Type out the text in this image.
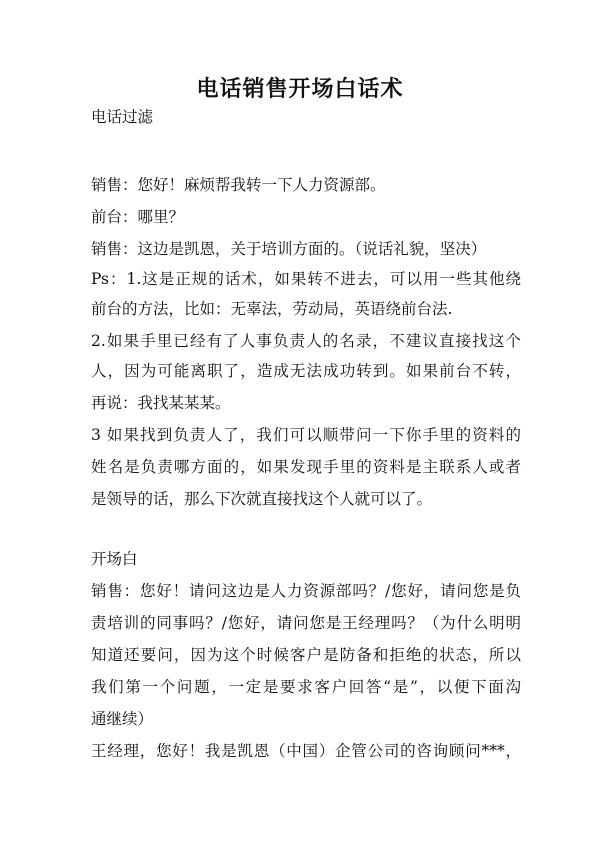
电话销售开场白话术

电话过滤

销售：您好！麻烦帮我转一下人力资源部。

前台：哪里？

销售：这边是凯恩，关于培训方面的。（说话礼貌，坚决）

Ps：1.这是正规的话术，如果转不进去，可以用一些其他绕

前台的方法，比如：无辜法，劳动局，英语绕前台法.

2.如果手里已经有了人事负责人的名录，不建议直接找这个

人，因为可能离职了，造成无法成功转到。如果前台不转，

再说：我找某某某。

3 如果找到负责人了，我们可以顺带问一下你手里的资料的

姓名是负责哪方面的，如果发现手里的资料是主联系人或者

是领导的话，那么下次就直接找这个人就可以了。

开场白

销售：您好！请问这边是人力资源部吗？/您好，请问您是负

责培训的同事吗？/您好，请问您是王经理吗？（为什么明明

知道还要问，因为这个时候客户是防备和拒绝的状态，所以

我们第一个问题，一定是要求客户回答“是”，以便下面沟

通继续）

王经理，您好！我是凯恩（中国）企管公司的咨询顾问***，
